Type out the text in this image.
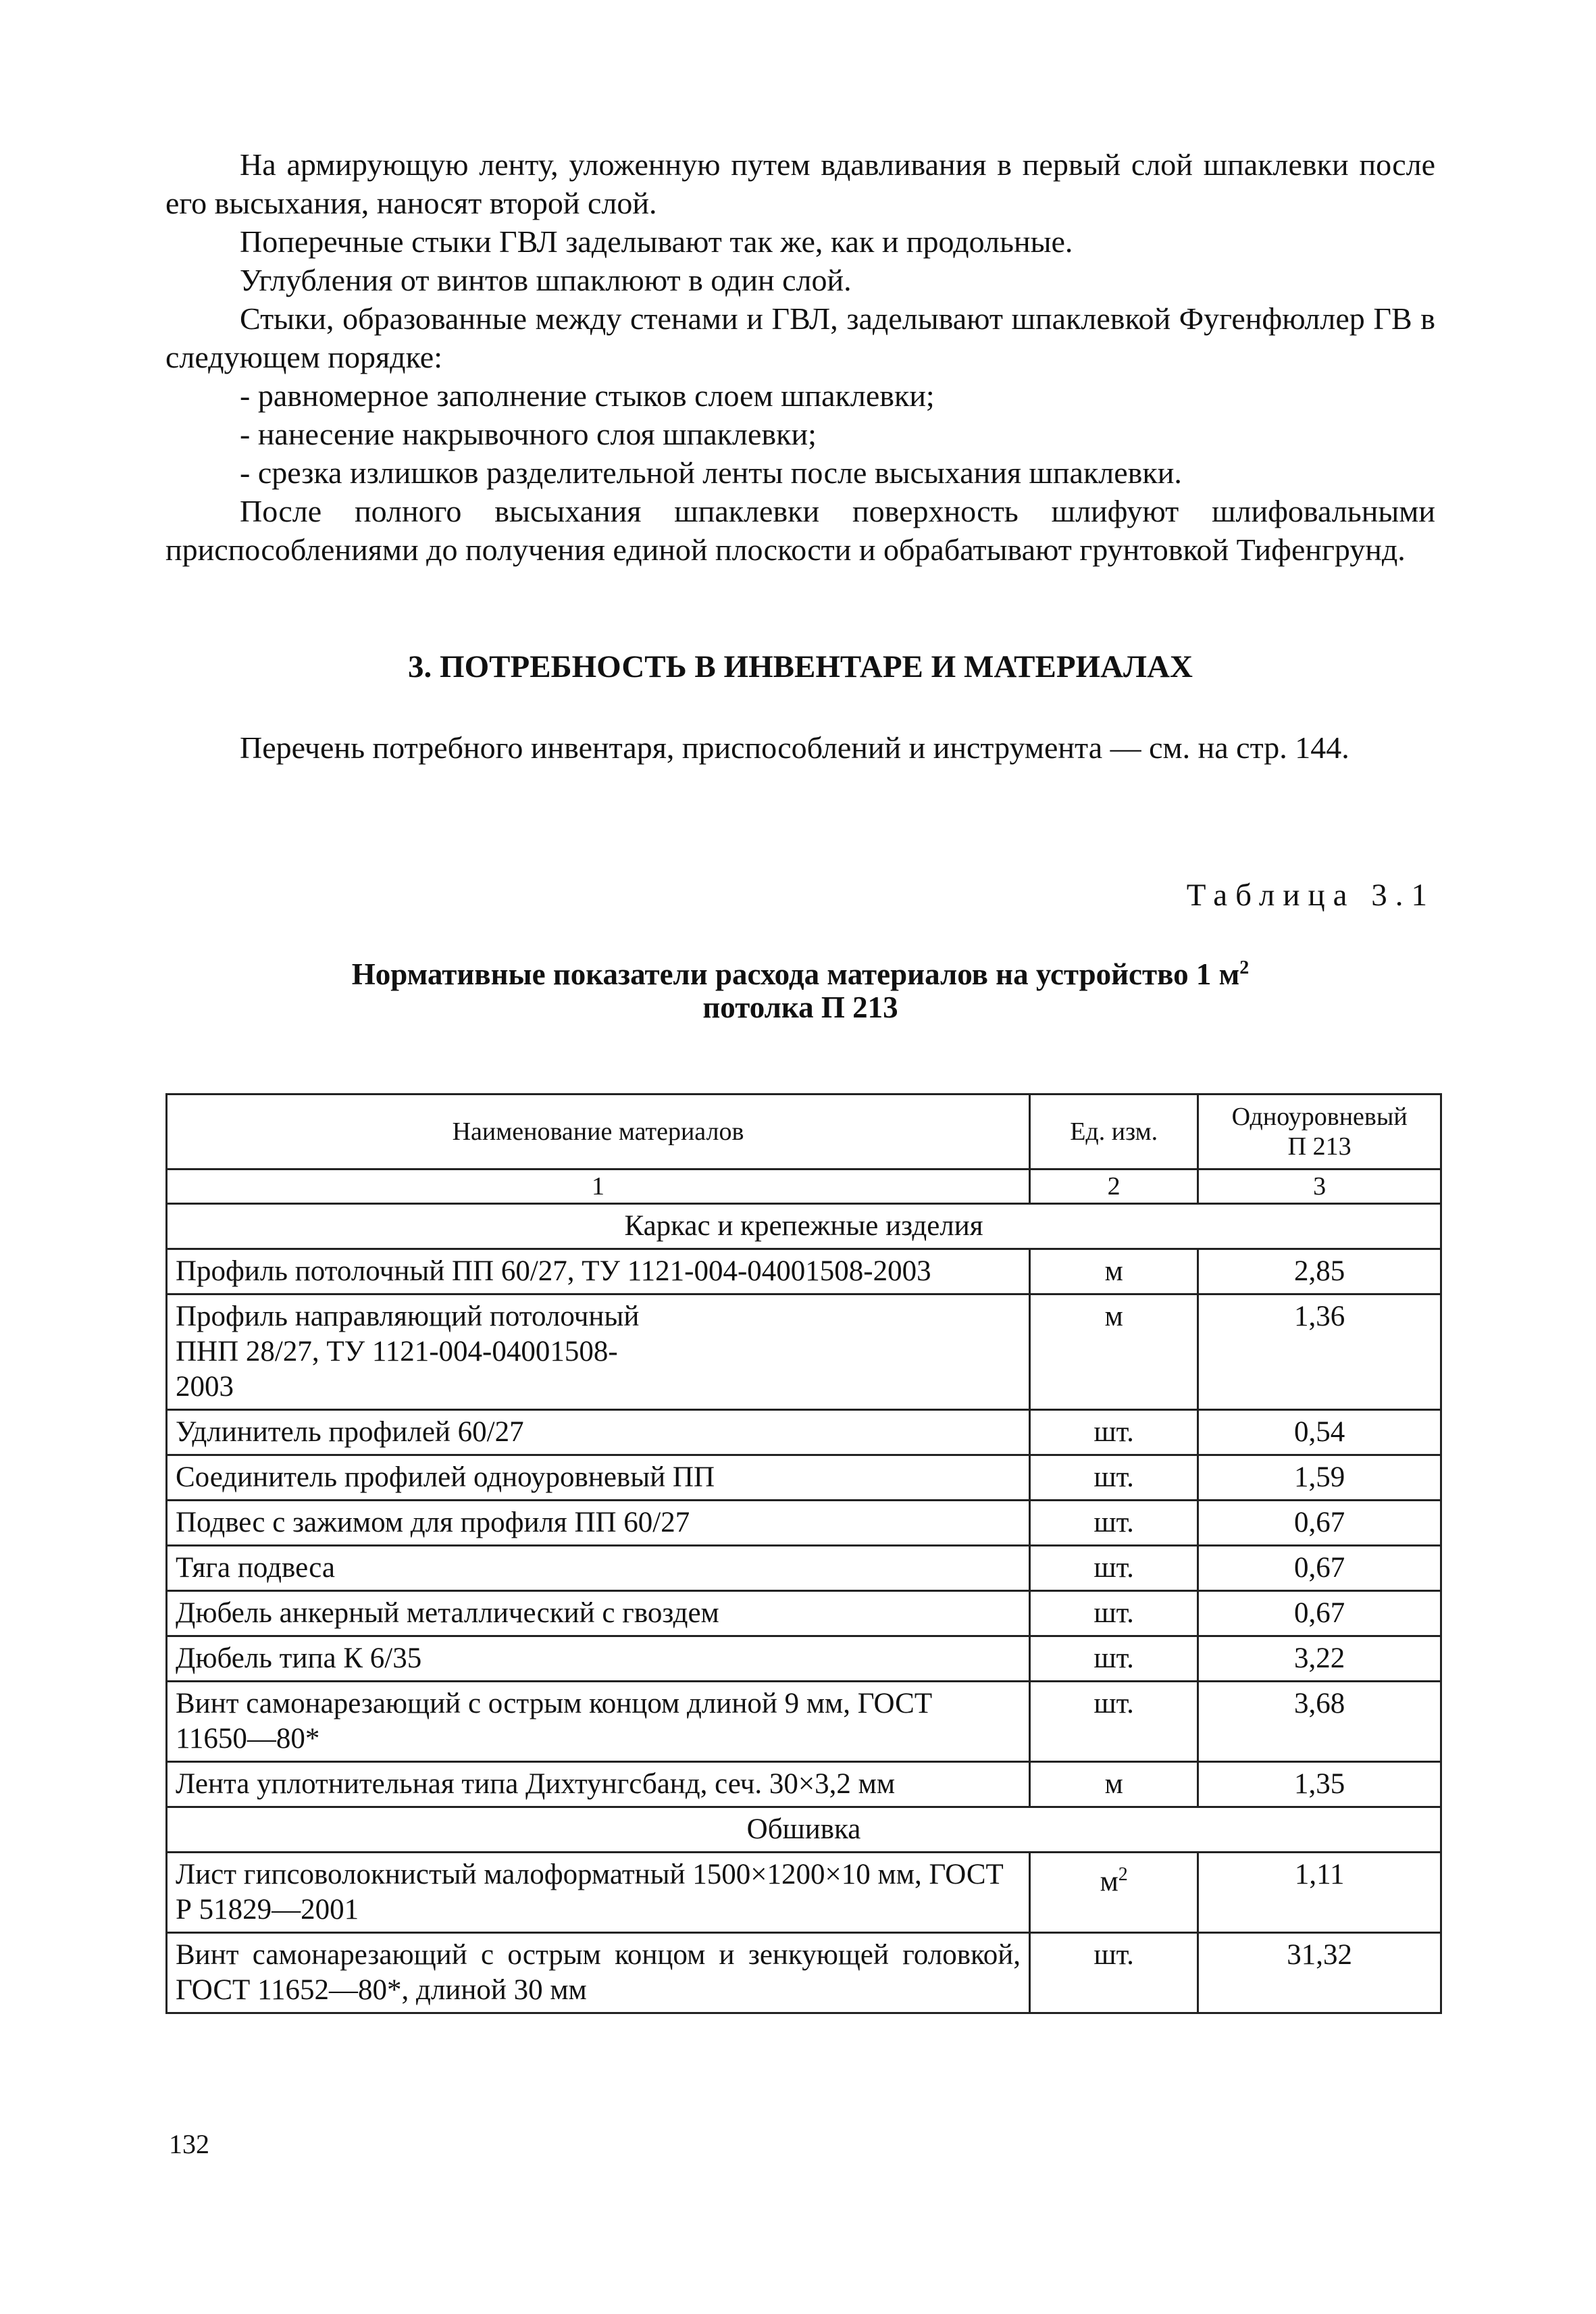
На армирующую ленту, уложенную путем вдавливания в первый слой шпаклевки после его высыхания, наносят второй слой.

Поперечные стыки ГВЛ заделывают так же, как и продольные.

Углубления от винтов шпаклюют в один слой.

Стыки, образованные между стенами и ГВЛ, заделывают шпаклевкой Фугенфюллер ГВ в следующем порядке:

- равномерное заполнение стыков слоем шпаклевки;

- нанесение накрывочного слоя шпаклевки;

- срезка излишков разделительной ленты после высыхания шпаклевки.

После полного высыхания шпаклевки поверхность шлифуют шлифовальными приспособлениями до получения единой плоскости и обрабатывают грунтовкой Тифенгрунд.

3. ПОТРЕБНОСТЬ В ИНВЕНТАРЕ И МАТЕРИАЛАХ

Перечень потребного инвентаря, приспособлений и инструмента — см. на стр. 144.

Таблица 3.1
Нормативные показатели расхода материалов на устройство 1 $м^2$
потолка П 213
Наименование материалов	Ед. изм.	Одноуровневый
П 213
1	2	3
Каркас и крепежные изделия		
Профиль потолочный ПП 60/27, ТУ 1121-004-04001508-2003	м	2,85
Профиль направляющий потолочный ПНП 28/27, ТУ 1121-004-04001508-2003	м	1,36
Удлинитель профилей 60/27	шт.	0,54
Соединитель профилей одноуровневый ПП	шт.	1,59
Подвес с зажимом для профиля ПП 60/27	шт.	0,67
Тяга подвеса	шт.	0,67
Дюбель анкерный металлический с гвоздем	шт.	0,67
Дюбель типа К 6/35	шт.	3,22
Винт самонарезающий с острым концом длиной 9 мм, ГОСТ 11650—80*	шт.	3,68
Лента уплотнительная типа Дихтунгсбанд, сеч. 30×3,2 мм	м	1,35
Обшивка		
Лист гипсоволокнистый малоформатный 1500×1200×10 мм, ГОСТ Р 51829—2001	$м^2$	1,11
Винт самонарезающий с острым концом и зенкующей головкой, ГОСТ 11652—80*, длиной 30 мм	шт.	31,32
132
